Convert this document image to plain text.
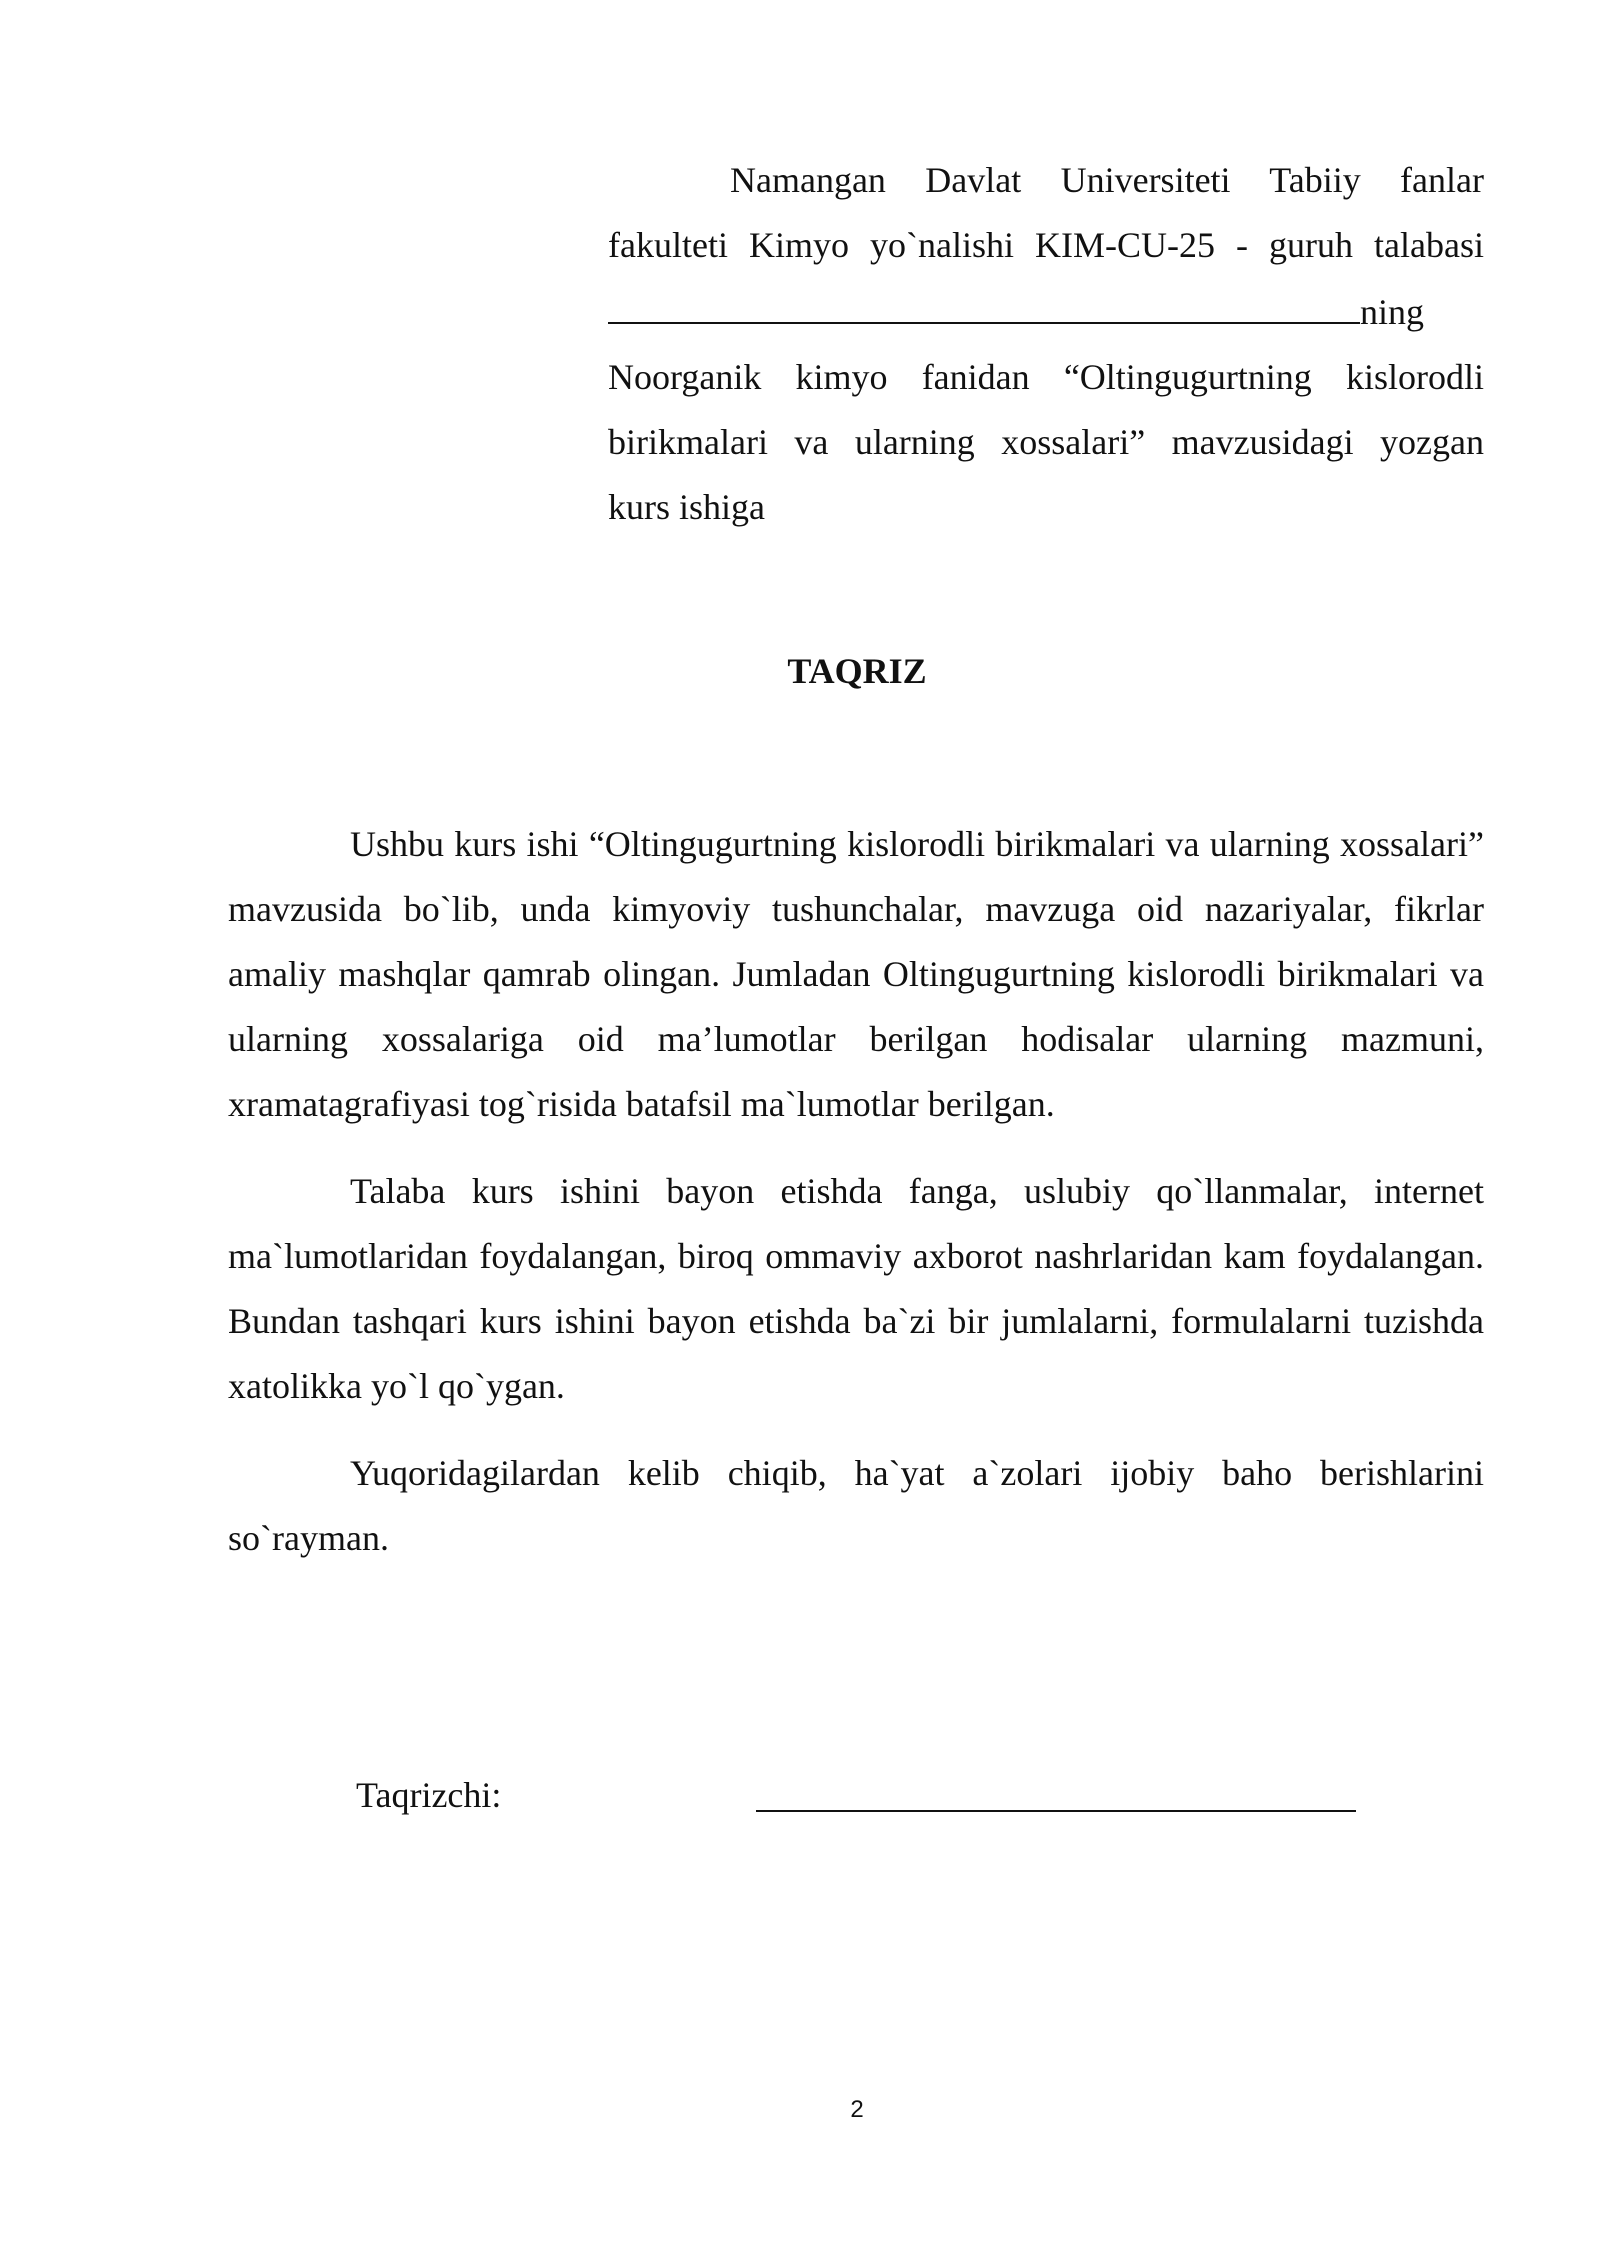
Namangan Davlat Universiteti Tabiiy fanlar
fakulteti Kimyo yo`nalishi KIM-CU-25 - guruh talabasi
ning
Noorganik kimyo fanidan “Oltingugurtning kislorodli
birikmalari va ularning xossalari” mavzusidagi yozgan
kurs ishiga
TAQRIZ

Ushbu kurs ishi “Oltingugurtning kislorodli birikmalari va ularning xossalari” mavzusida bo`lib, unda kimyoviy tushunchalar, mavzuga oid nazariyalar, fikrlar amaliy mashqlar qamrab olingan. Jumladan Oltingugurtning kislorodli birikmalari va ularning xossalariga oid ma’lumotlar berilgan hodisalar ularning mazmuni, xramatagrafiyasi tog`risida batafsil ma`lumotlar berilgan.

Talaba kurs ishini bayon etishda fanga, uslubiy qo`llanmalar, internet ma`lumotlaridan foydalangan, biroq ommaviy axborot nashrlaridan kam foydalangan. Bundan tashqari kurs ishini bayon etishda ba`zi bir jumlalarni, formulalarni tuzishda xatolikka yo`l qo`ygan.

Yuqoridagilardan kelib chiqib, ha`yat a`zolari ijobiy baho berishlarini so`rayman.

Taqrizchi:
2
